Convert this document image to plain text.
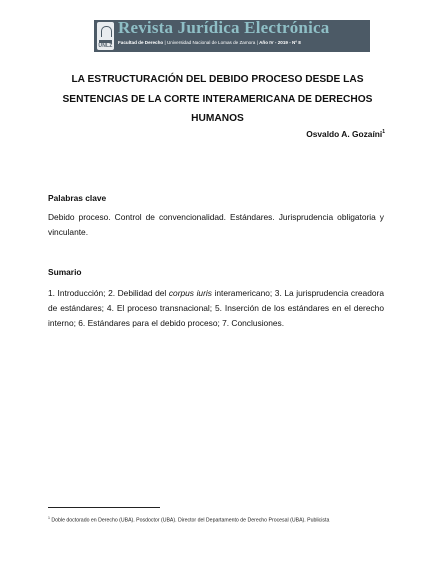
UNLZ
Revista Jurídica Electrónica
Facultad de Derecho | Universidad Nacional de Lomas de Zamora | Año IV - 2019 - Nº 8
LA ESTRUCTURACIÓN DEL DEBIDO PROCESO DESDE LAS SENTENCIAS DE LA CORTE INTERAMERICANA DE DERECHOS HUMANOS
Osvaldo A. Gozaíni$^1$
Palabras clave
Debido proceso. Control de convencionalidad. Estándares. Jurisprudencia obligatoria y vinculante.
Sumario
1. Introducción; 2. Debilidad del corpus iuris interamericano; 3. La jurisprudencia creadora de estándares; 4. El proceso transnacional; 5. Inserción de los estándares en el derecho interno; 6. Estándares para el debido proceso; 7. Conclusiones.
$^1$ Doble doctorado en Derecho (UBA). Posdoctor (UBA). Director del Departamento de Derecho Procesal (UBA). Publicista
